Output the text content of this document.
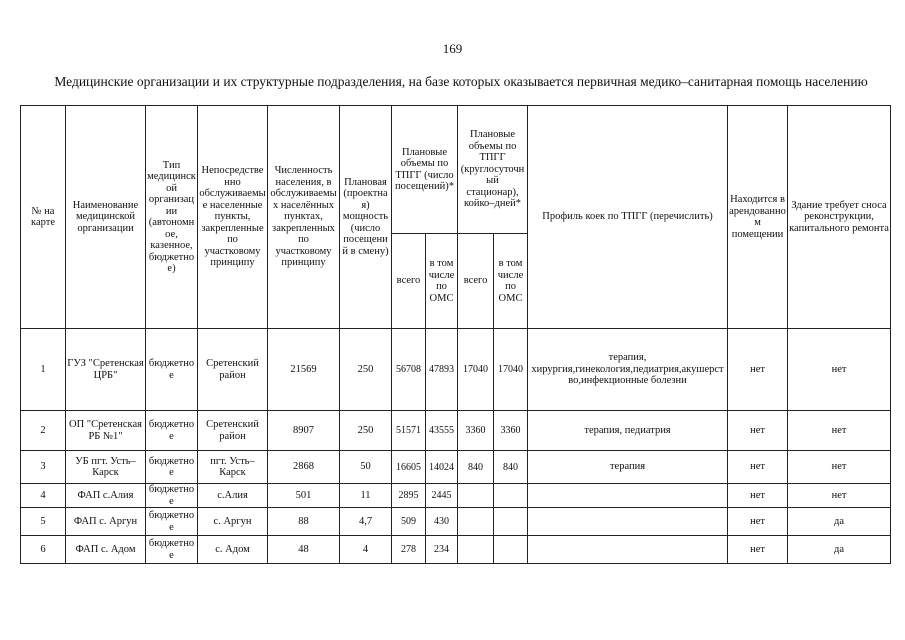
169
Медицинские организации и их структурные подразделения, на базе которых оказывается первичная медико–санитарная помощь населению
№ на карте	Наименование медицинской организации	Тип медицинской организации (автономное, казенное, бюджетное)	Непосредственно обслуживаемые населенные пункты, закрепленные по участковому принципу	Численность населения, в обслуживаемых населённых пунктах, закрепленных по участковому принципу	Плановая (проектная) мощность (число посещений в смену)	Плановые объемы по ТПГГ (число посещений)*		Плановые объемы по ТПГГ (круглосуточный стационар), койко–дней*		Профиль коек по ТПГГ (перечислить)	Находится в арендованном помещении	Здание требует сноса реконструкции, капитального ремонта
						всего	в том числе по ОМС	всего	в том числе по ОМС			
1	ГУЗ "Сретенская ЦРБ"	бюджетное	Сретенский район	21569	250	56708	47893	17040	17040	терапия, хирургия,гинекология,педиатрия,акушерство,инфекционные болезни	нет	нет
2	ОП "Сретенская РБ №1"	бюджетное	Сретенский район	8907	250	51571	43555	3360	3360	терапия, педиатрия	нет	нет
3	УБ пгт. Усть– Карск	бюджетное	пгт. Усть– Карск	2868	50	16605	14024	840	840	терапия	нет	нет
4	ФАП с.Алия	бюджетное	с.Алия	501	11	2895	2445				нет	нет
5	ФАП с. Аргун	бюджетное	с. Аргун	88	4,7	509	430				нет	да
6	ФАП с. Адом	бюджетное	с. Адом	48	4	278	234				нет	да
